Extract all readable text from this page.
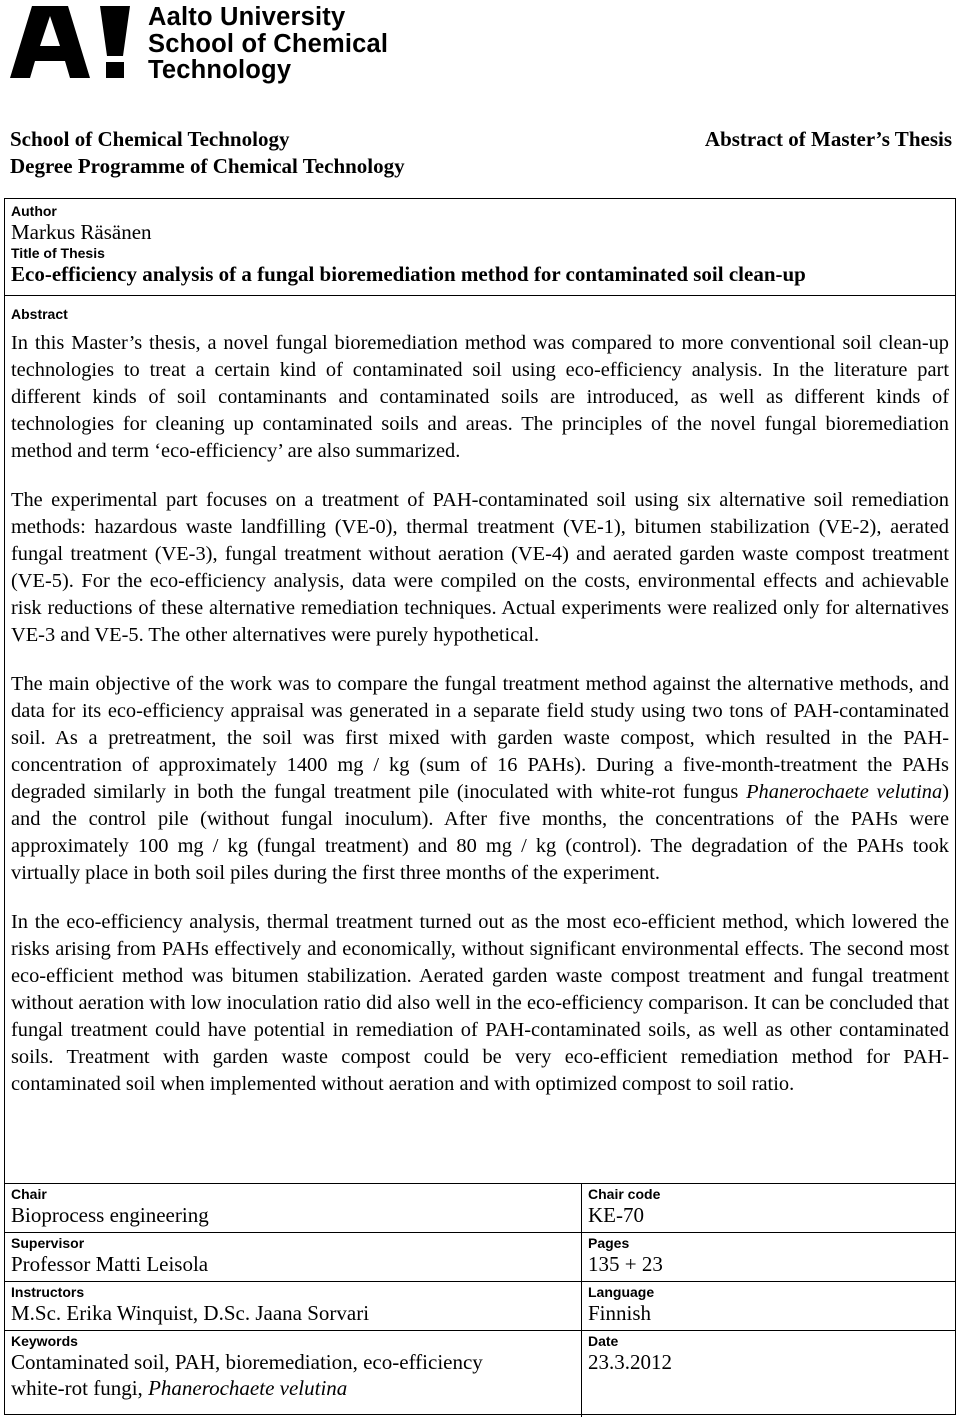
Aalto University
School of Chemical
Technology
School of Chemical Technology
Degree Programme of Chemical Technology
Abstract of Master’s Thesis
Author
Markus Räsänen
Title of Thesis
Eco-efficiency analysis of a fungal bioremediation method for contaminated soil clean-up
Abstract

In this Master’s thesis, a novel fungal bioremediation method was compared to more conventional soil clean-up technologies to treat a certain kind of contaminated soil using eco-efficiency analysis. In the literature part different kinds of soil contaminants and contaminated soils are introduced, as well as different kinds of technologies for cleaning up contaminated soils and areas. The principles of the novel fungal bioremediation method and term ‘eco-efficiency’ are also summarized.

The experimental part focuses on a treatment of PAH-contaminated soil using six alternative soil remediation methods: hazardous waste landfilling (VE-0), thermal treatment (VE-1), bitumen stabilization (VE-2), aerated fungal treatment (VE-3), fungal treatment without aeration (VE-4) and aerated garden waste compost treatment (VE-5). For the eco-efficiency analysis, data were compiled on the costs, environmental effects and achievable risk reductions of these alternative remediation techniques. Actual experiments were realized only for alternatives VE-3 and VE-5. The other alternatives were purely hypothetical.

The main objective of the work was to compare the fungal treatment method against the alternative methods, and data for its eco-efficiency appraisal was generated in a separate field study using two tons of PAH-contaminated soil. As a pretreatment, the soil was first mixed with garden waste compost, which resulted in the PAH-concentration of approximately 1400 mg / kg (sum of 16 PAHs). During a five-month-treatment the PAHs degraded similarly in both the fungal treatment pile (inoculated with white-rot fungus Phanerochaete velutina) and the control pile (without fungal inoculum). After five months, the concentrations of the PAHs were approximately 100 mg / kg (fungal treatment) and 80 mg / kg (control). The degradation of the PAHs took virtually place in both soil piles during the first three months of the experiment.

In the eco-efficiency analysis, thermal treatment turned out as the most eco-efficient method, which lowered the risks arising from PAHs effectively and economically, without significant environmental effects. The second most eco-efficient method was bitumen stabilization. Aerated garden waste compost treatment and fungal treatment without aeration with low inoculation ratio did also well in the eco-efficiency comparison. It can be concluded that fungal treatment could have potential in remediation of PAH-contaminated soils, as well as other contaminated soils. Treatment with garden waste compost could be very eco-efficient remediation method for PAH-contaminated soil when implemented without aeration and with optimized compost to soil ratio.

Chair
Bioprocess engineering
Chair code
KE-70
Supervisor
Professor Matti Leisola
Pages
135 + 23
Instructors
M.Sc. Erika Winquist, D.Sc. Jaana Sorvari
Language
Finnish
Keywords
Contaminated soil, PAH, bioremediation, eco-efficiency
white-rot fungi, Phanerochaete velutina
Date
23.3.2012
